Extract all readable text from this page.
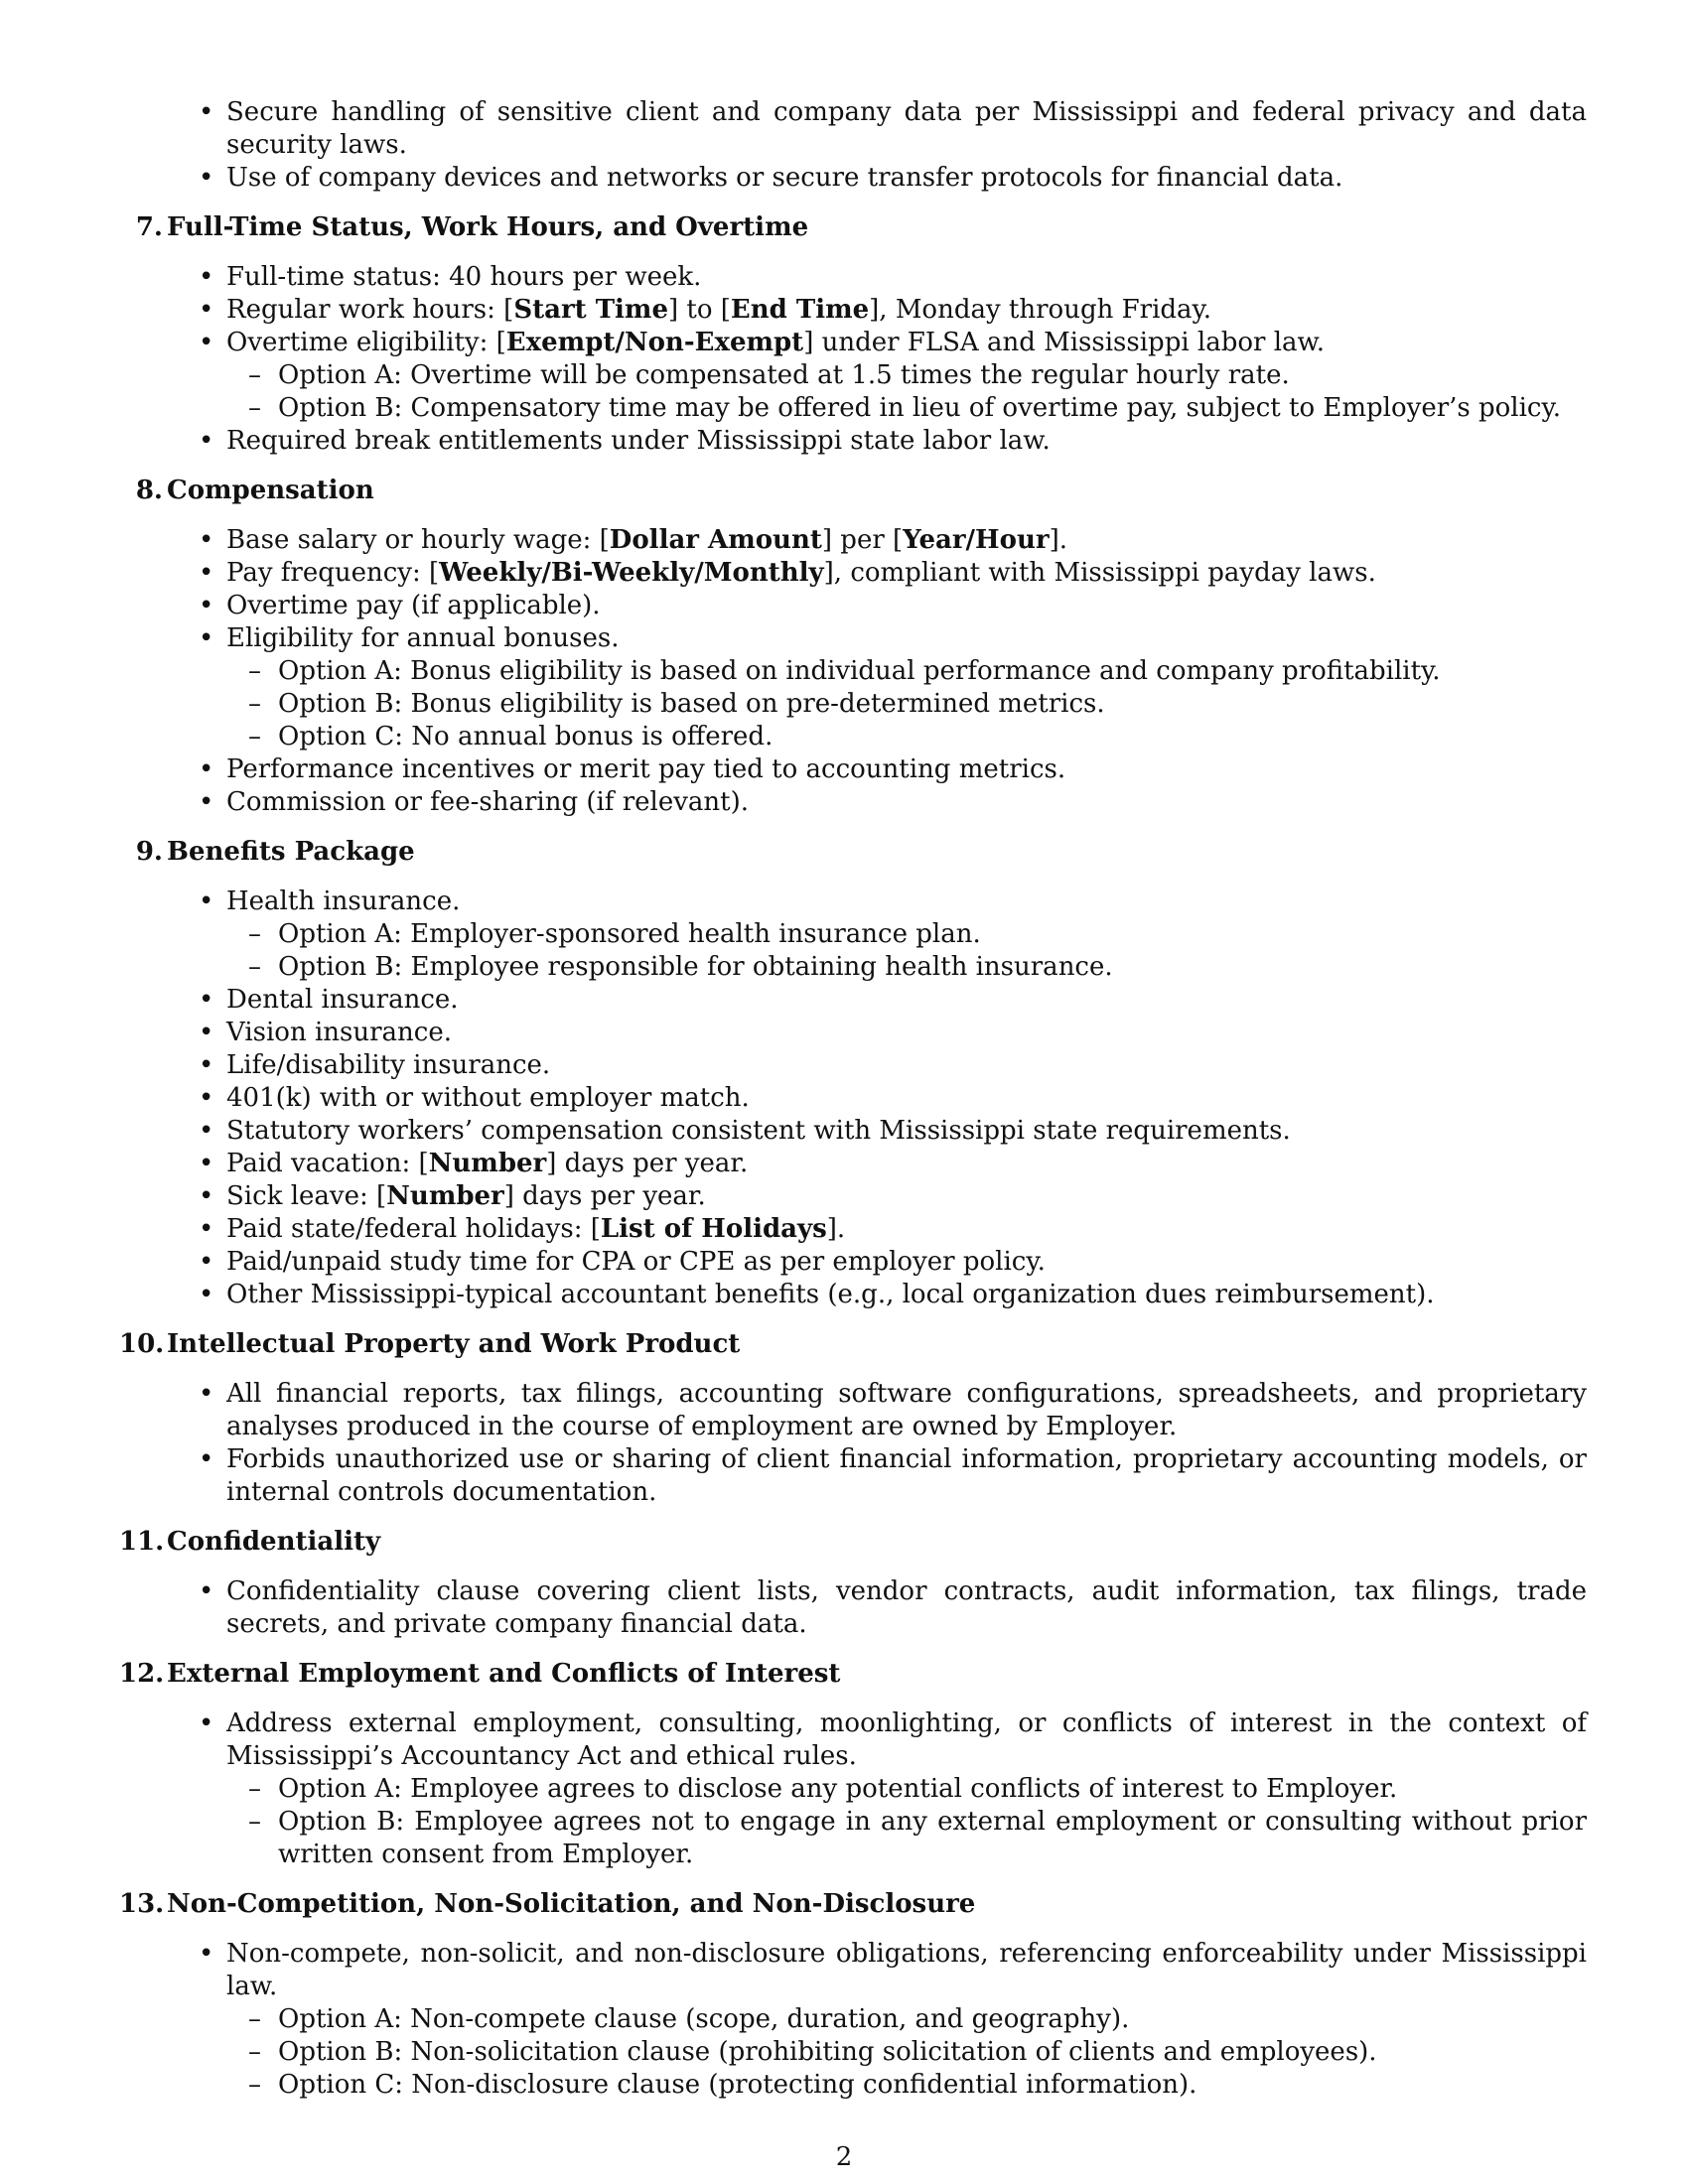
• Secure handling of sensitive client and company data per Mississippi and federal privacy and data security laws.
• Use of company devices and networks or secure transfer protocols for financial data.
7. Full-Time Status, Work Hours, and Overtime
• Full-time status: 40 hours per week.
• Regular work hours: [Start Time] to [End Time], Monday through Friday.
• Overtime eligibility: [Exempt/Non-Exempt] under FLSA and Mississippi labor law.
– Option A: Overtime will be compensated at 1.5 times the regular hourly rate.
– Option B: Compensatory time may be offered in lieu of overtime pay, subject to Employer’s policy.
• Required break entitlements under Mississippi state labor law.
8. Compensation
• Base salary or hourly wage: [Dollar Amount] per [Year/Hour].
• Pay frequency: [Weekly/Bi-Weekly/Monthly], compliant with Mississippi payday laws.
• Overtime pay (if applicable).
• Eligibility for annual bonuses.
– Option A: Bonus eligibility is based on individual performance and company profitability.
– Option B: Bonus eligibility is based on pre-determined metrics.
– Option C: No annual bonus is offered.
• Performance incentives or merit pay tied to accounting metrics.
• Commission or fee-sharing (if relevant).
9. Benefits Package
• Health insurance.
– Option A: Employer-sponsored health insurance plan.
– Option B: Employee responsible for obtaining health insurance.
• Dental insurance.
• Vision insurance.
• Life/disability insurance.
• 401(k) with or without employer match.
• Statutory workers’ compensation consistent with Mississippi state requirements.
• Paid vacation: [Number] days per year.
• Sick leave: [Number] days per year.
• Paid state/federal holidays: [List of Holidays].
• Paid/unpaid study time for CPA or CPE as per employer policy.
• Other Mississippi-typical accountant benefits (e.g., local organization dues reimbursement).
10. Intellectual Property and Work Product
• All financial reports, tax filings, accounting software configurations, spreadsheets, and proprietary analyses produced in the course of employment are owned by Employer.
• Forbids unauthorized use or sharing of client financial information, proprietary accounting models, or internal controls documentation.
11. Confidentiality
• Confidentiality clause covering client lists, vendor contracts, audit information, tax filings, trade secrets, and private company financial data.
12. External Employment and Conflicts of Interest
• Address external employment, consulting, moonlighting, or conflicts of interest in the context of Mississippi’s Accountancy Act and ethical rules.
– Option A: Employee agrees to disclose any potential conflicts of interest to Employer.
– Option B: Employee agrees not to engage in any external employment or consulting without prior written consent from Employer.
13. Non-Competition, Non-Solicitation, and Non-Disclosure
• Non-compete, non-solicit, and non-disclosure obligations, referencing enforceability under Mississippi law.
– Option A: Non-compete clause (scope, duration, and geography).
– Option B: Non-solicitation clause (prohibiting solicitation of clients and employees).
– Option C: Non-disclosure clause (protecting confidential information).
2
